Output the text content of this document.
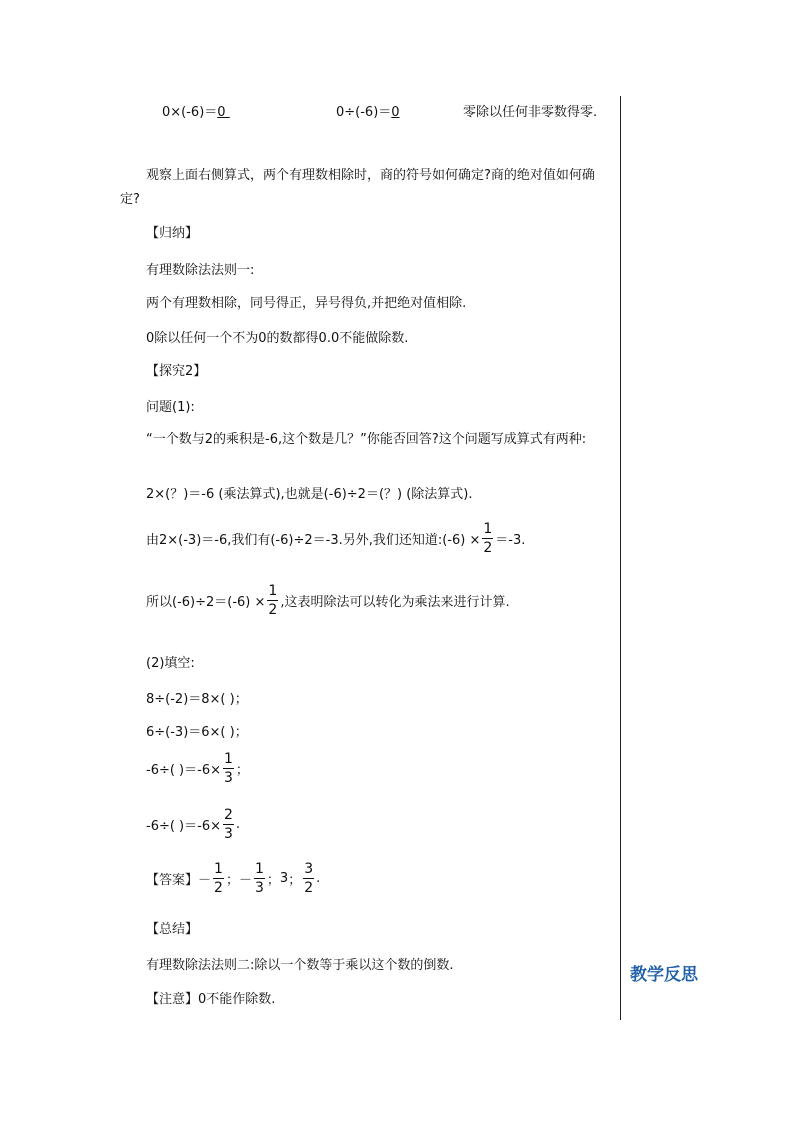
0×(-6)＝0	0÷(-6)＝0	零除以任何非零数得零.
观察上面右侧算式，两个有理数相除时，商的符号如何确定?商的绝对值如何确定?
【归纳】
有理数除法法则一:
两个有理数相除，同号得正，异号得负,并把绝对值相除.
0除以任何一个不为0的数都得0.0不能做除数.
【探究2】
问题(1):
“一个数与2的乘积是-6,这个数是几？”你能否回答?这个问题写成算式有两种:
2×(？)＝-6 (乘法算式),也就是(-6)÷2＝(？) (除法算式).
由2×(-3)＝-6,我们有(-6)÷2＝-3.另外,我们还知道:(-6) × $\frac{1}{2} =-3$.
所以$(-6)\div 2=(-6) \times \frac{1}{2}$ ,这表明除法可以转化为乘法来进行计算.
(2)填空:
8÷(-2)＝8×( )；
6÷(-3)＝6×( )；
-6÷( )$=-6\times \frac{1}{3}$ ；
-6÷( )$=-6\times \frac{2}{3}$ .
【答案】 － $\frac{1}{2}$ ； － $\frac{1}{3}$ ； 3 ； $\frac{3}{2}$ .
【总结】
有理数除法法则二:除以一个数等于乘以这个数的倒数.
【注意】0不能作除数.
教学反思
